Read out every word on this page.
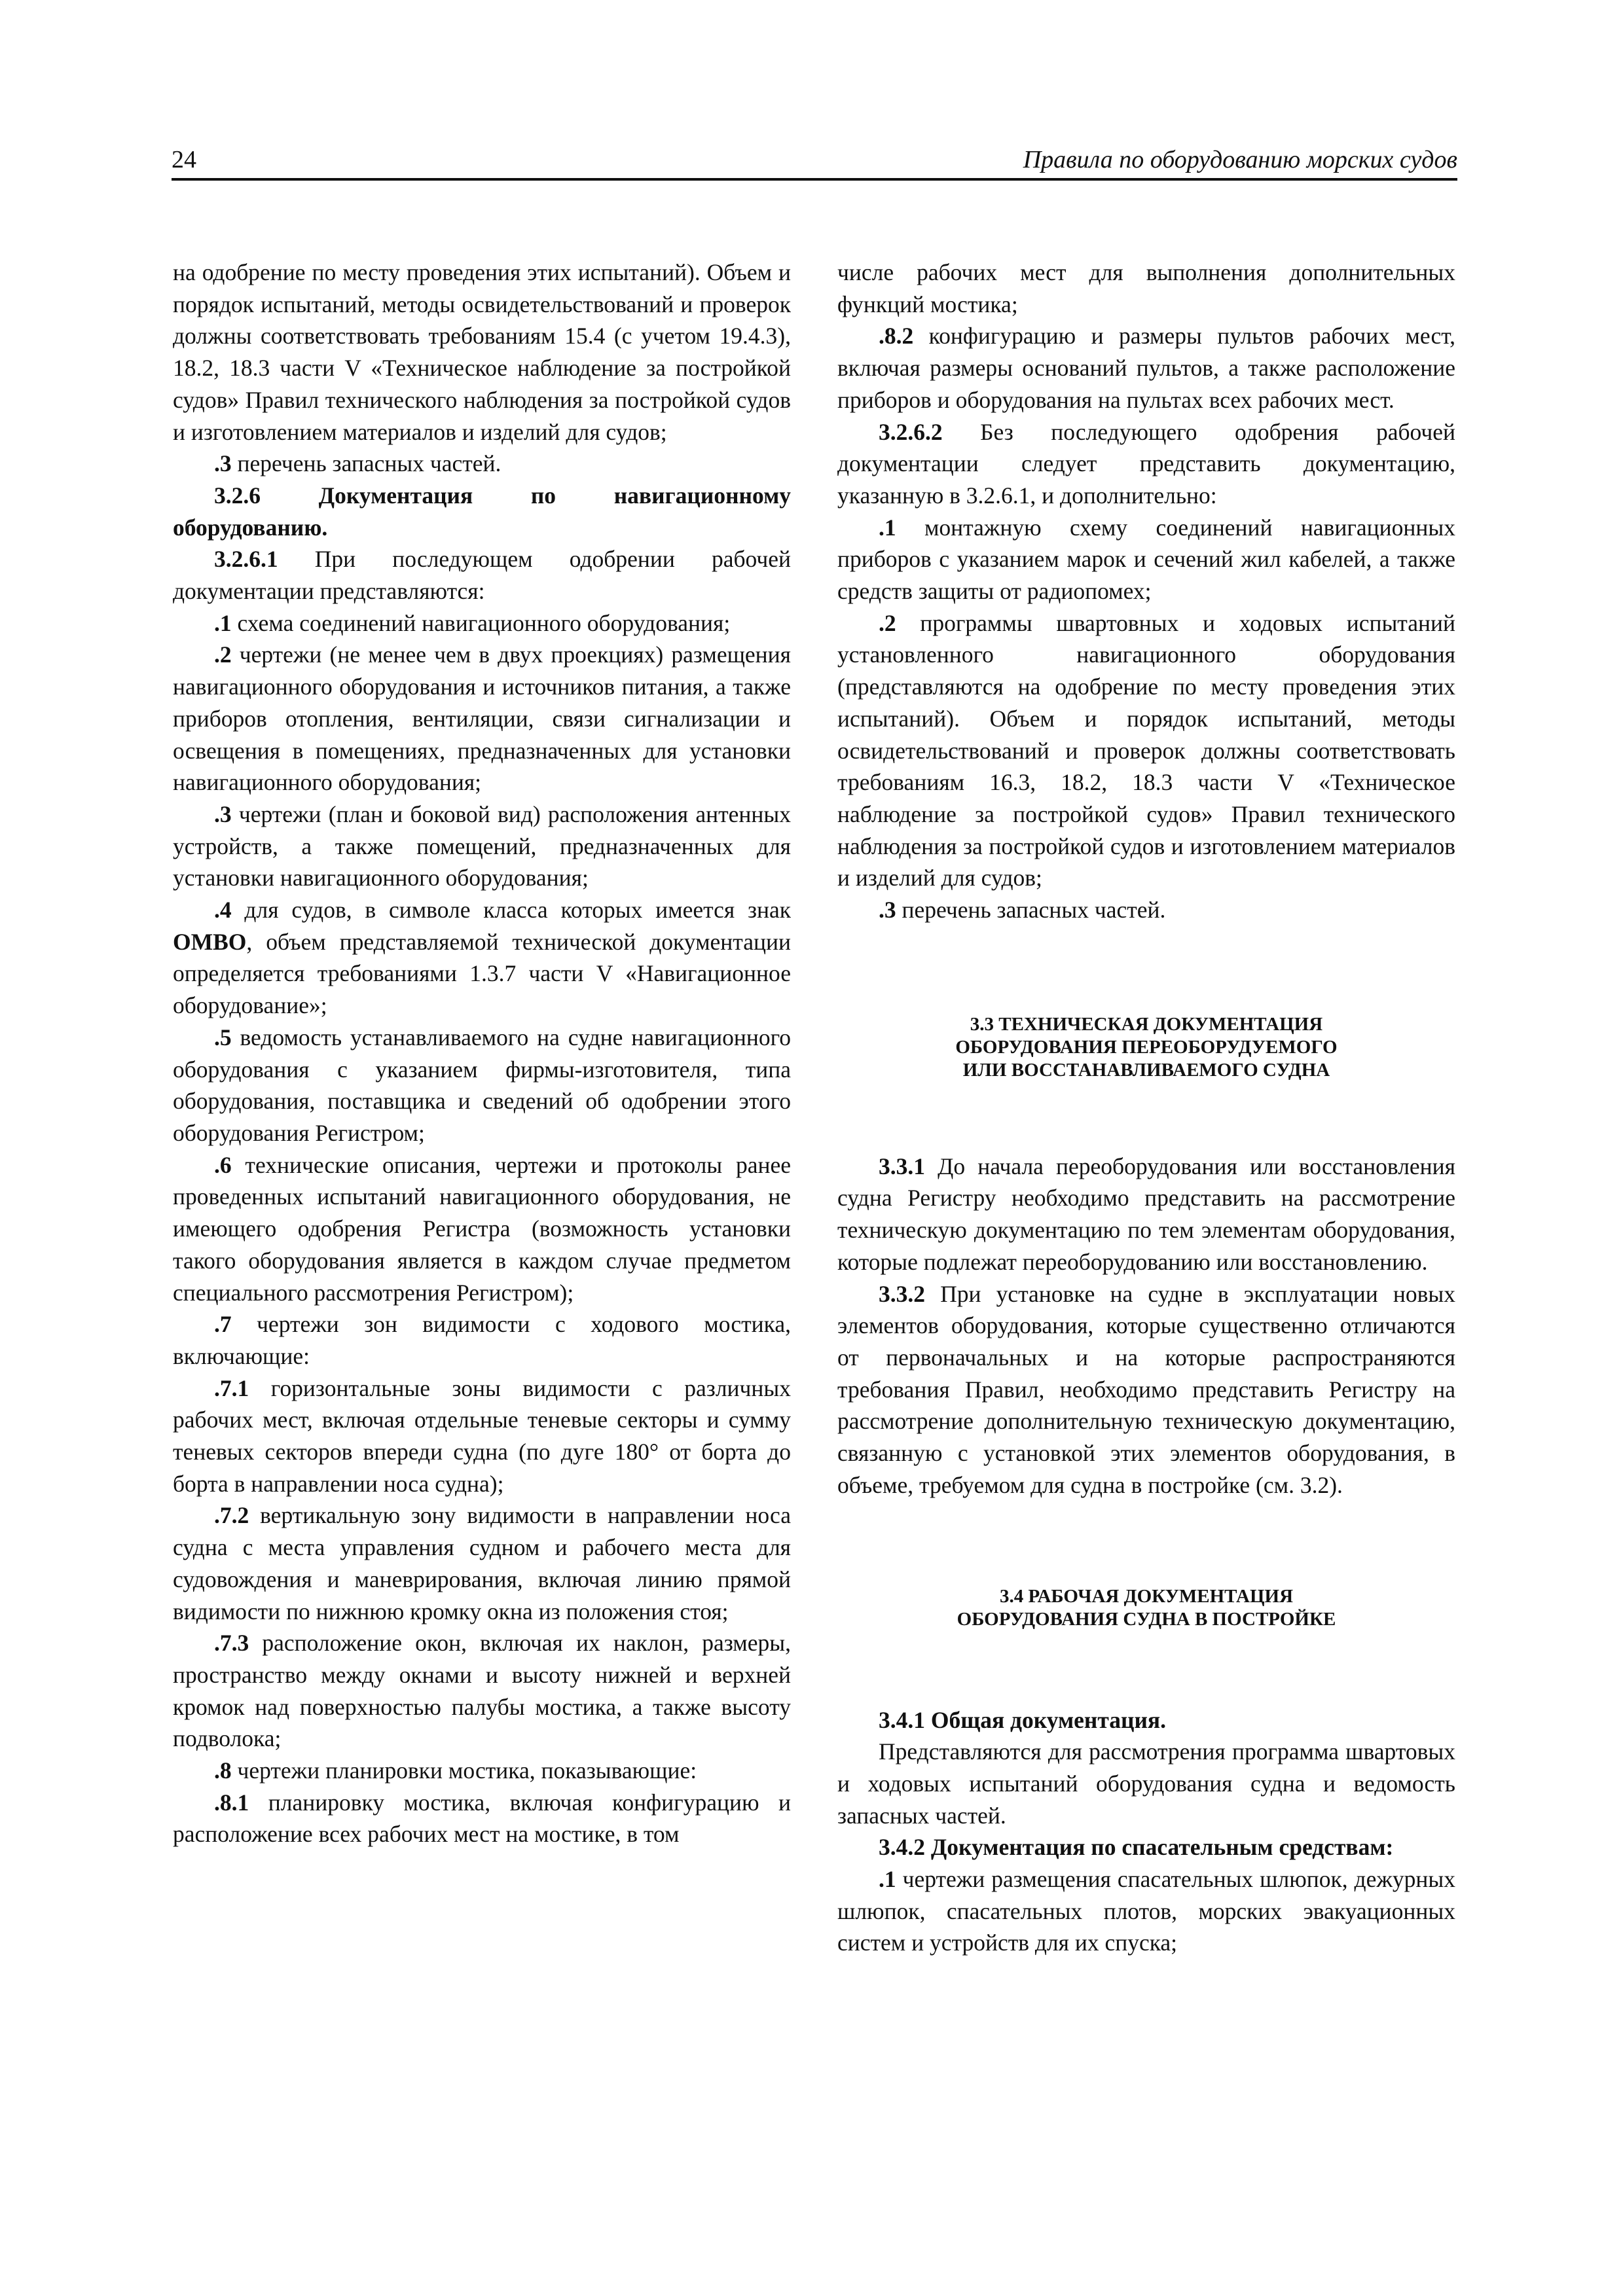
24	Правила по оборудованию морских судов

на одобрение по месту проведения этих испытаний). Объем и порядок испытаний, методы освидетельствований и проверок должны соответствовать требованиям 15.4 (с учетом 19.4.3), 18.2, 18.3 части V «Техническое наблюдение за постройкой судов» Правил технического наблюдения за постройкой судов и изготовлением материалов и изделий для судов;

.3 перечень запасных частей.

3.2.6 Документация по навигационному оборудованию.

3.2.6.1 При последующем одобрении рабочей документации представляются:

.1 схема соединений навигационного оборудования;

.2 чертежи (не менее чем в двух проекциях) размещения навигационного оборудования и источников питания, а также приборов отопления, вентиляции, связи сигнализации и освещения в помещениях, предназначенных для установки навигационного оборудования;

.3 чертежи (план и боковой вид) расположения антенных устройств, а также помещений, предназначенных для установки навигационного оборудования;

.4 для судов, в символе класса которых имеется знак OMBO, объем представляемой технической документации определяется требованиями 1.3.7 части V «Навигационное оборудование»;

.5 ведомость устанавливаемого на судне навигационного оборудования с указанием фирмы-изготовителя, типа оборудования, поставщика и сведений об одобрении этого оборудования Регистром;

.6 технические описания, чертежи и протоколы ранее проведенных испытаний навигационного оборудования, не имеющего одобрения Регистра (возможность установки такого оборудования является в каждом случае предметом специального рассмотрения Регистром);

.7 чертежи зон видимости с ходового мостика, включающие:

.7.1 горизонтальные зоны видимости с различных рабочих мест, включая отдельные теневые секторы и сумму теневых секторов впереди судна (по дуге 180° от борта до борта в направлении носа судна);

.7.2 вертикальную зону видимости в направлении носа судна с места управления судном и рабочего места для судовождения и маневрирования, включая линию прямой видимости по нижнюю кромку окна из положения стоя;

.7.3 расположение окон, включая их наклон, размеры, пространство между окнами и высоту нижней и верхней кромок над поверхностью палубы мостика, а также высоту подволока;

.8 чертежи планировки мостика, показывающие:

.8.1 планировку мостика, включая конфигурацию и расположение всех рабочих мест на мостике, в том

числе рабочих мест для выполнения дополнительных функций мостика;

.8.2 конфигурацию и размеры пультов рабочих мест, включая размеры оснований пультов, а также расположение приборов и оборудования на пультах всех рабочих мест.

3.2.6.2 Без последующего одобрения рабочей документации следует представить документацию, указанную в 3.2.6.1, и дополнительно:

.1 монтажную схему соединений навигационных приборов с указанием марок и сечений жил кабелей, а также средств защиты от радиопомех;

.2 программы швартовных и ходовых испытаний установленного навигационного оборудования (представляются на одобрение по месту проведения этих испытаний). Объем и порядок испытаний, методы освидетельствований и проверок должны соответствовать требованиям 16.3, 18.2, 18.3 части V «Техническое наблюдение за постройкой судов» Правил технического наблюдения за постройкой судов и изготовлением материалов и изделий для судов;

.3 перечень запасных частей.

3.3 ТЕХНИЧЕСКАЯ ДОКУМЕНТАЦИЯ
ОБОРУДОВАНИЯ ПЕРЕОБОРУДУЕМОГО
ИЛИ ВОССТАНАВЛИВАЕМОГО СУДНА

3.3.1 До начала переоборудования или восстановления судна Регистру необходимо представить на рассмотрение техническую документацию по тем элементам оборудования, которые подлежат переоборудованию или восстановлению.

3.3.2 При установке на судне в эксплуатации новых элементов оборудования, которые существенно отличаются от первоначальных и на которые распространяются требования Правил, необходимо представить Регистру на рассмотрение дополнительную техническую документацию, связанную с установкой этих элементов оборудования, в объеме, требуемом для судна в постройке (см. 3.2).

3.4 РАБОЧАЯ ДОКУМЕНТАЦИЯ
ОБОРУДОВАНИЯ СУДНА В ПОСТРОЙКЕ

3.4.1 Общая документация.

Представляются для рассмотрения программа швартовых и ходовых испытаний оборудования судна и ведомость запасных частей.

3.4.2 Документация по спасательным средствам:

.1 чертежи размещения спасательных шлюпок, дежурных шлюпок, спасательных плотов, морских эвакуационных систем и устройств для их спуска;
